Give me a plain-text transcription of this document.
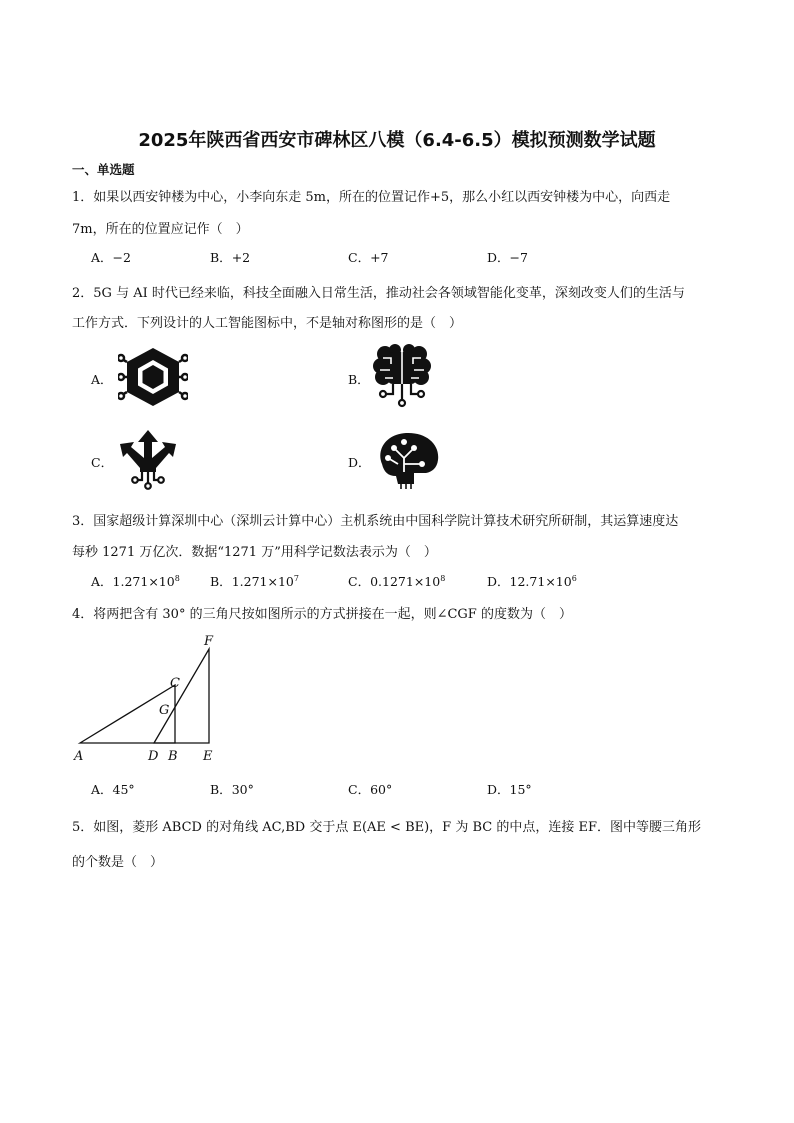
2025年陕西省西安市碑林区八模（6.4-6.5）模拟预测数学试题
一、单选题
1．如果以西安钟楼为中心，小李向东走 5m，所在的位置记作+5，那么小红以西安钟楼为中心，向西走
7m，所在的位置应记作（　）
A．−2	B．+2	C．+7	D．−7
2．5G 与 AI 时代已经来临，科技全面融入日常生活，推动社会各领域智能化变革，深刻改变人们的生活与
工作方式．下列设计的人工智能图标中，不是轴对称图形的是（　）
A．	B．
C．	D．
3．国家超级计算深圳中心（深圳云计算中心）主机系统由中国科学院计算技术研究所研制，其运算速度达
每秒 1271 万亿次．数据“1271 万”用科学记数法表示为（　）
A．$1.271\times 10^8$ B．$1.271\times 10^7$	C．$0.1271\times 10^8$	D．$12.71\times 10^6$
4．将两把含有 30° 的三角尺按如图所示的方式拼接在一起，则∠CGF 的度数为（　）
F
C
G
A	D B E
A．45°	B．30°	C．60°	D．15°
5．如图，菱形 ABCD 的对角线 AC,BD 交于点 E(AE < BE)，F 为 BC 的中点，连接 EF．图中等腰三角形
的个数是（　）
